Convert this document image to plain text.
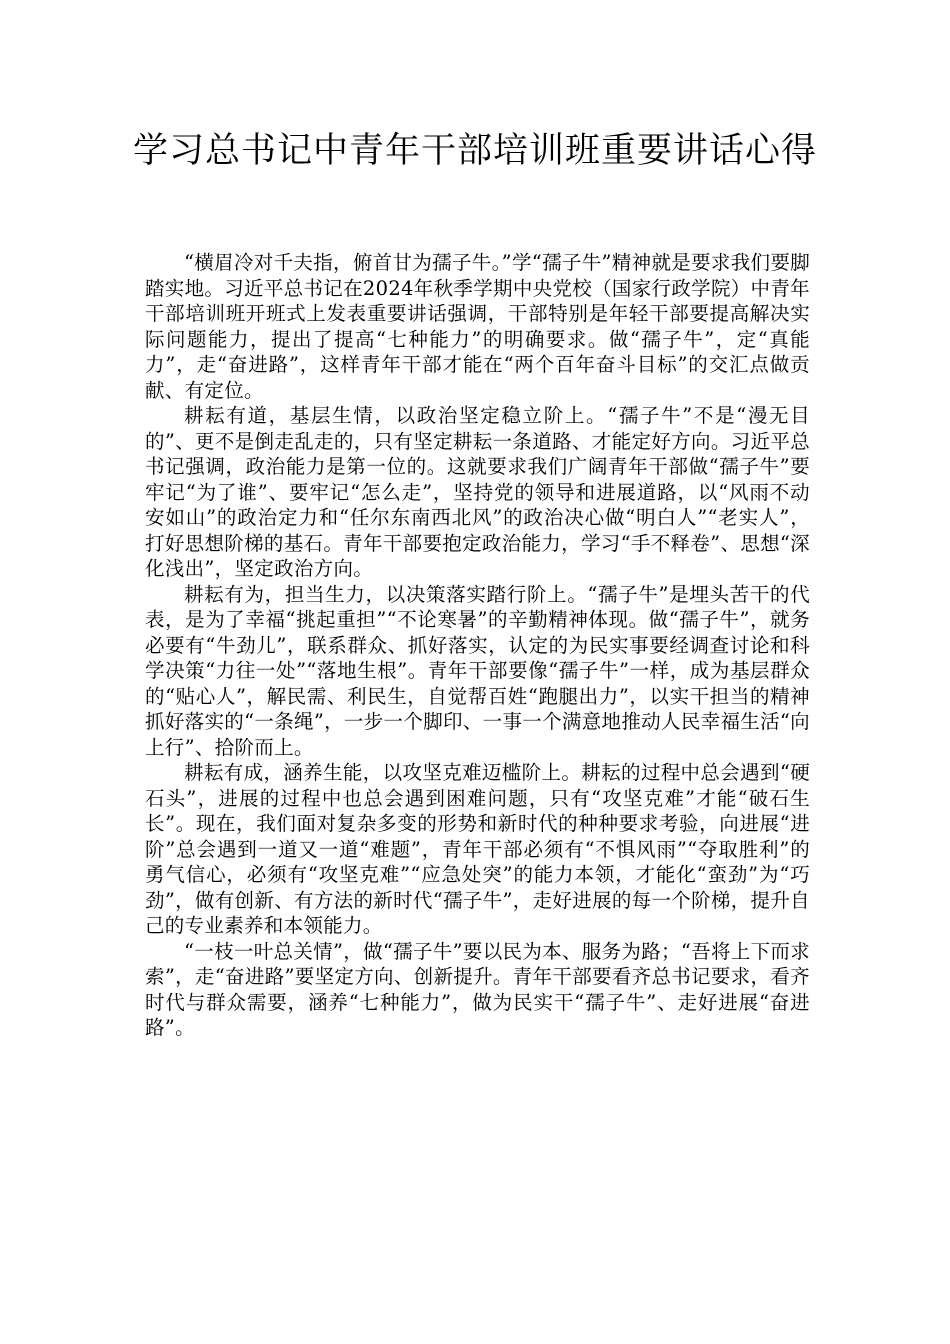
学习总书记中青年干部培训班重要讲话心得

“横眉冷对千夫指，俯首甘为孺子牛。”学“孺子牛”精神就是要求我们要脚踏实地。习近平总书记在2024年秋季学期中央党校（国家行政学院）中青年干部培训班开班式上发表重要讲话强调，干部特别是年轻干部要提高解决实际问题能力，提出了提高“七种能力”的明确要求。做“孺子牛”，定“真能力”，走“奋进路”，这样青年干部才能在“两个百年奋斗目标”的交汇点做贡献、有定位。

耕耘有道，基层生情，以政治坚定稳立阶上。“孺子牛”不是“漫无目的”、更不是倒走乱走的，只有坚定耕耘一条道路、才能定好方向。习近平总书记强调，政治能力是第一位的。这就要求我们广阔青年干部做“孺子牛”要牢记“为了谁”、要牢记“怎么走”，坚持党的领导和进展道路，以“风雨不动安如山”的政治定力和“任尔东南西北风”的政治决心做“明白人”“老实人”，打好思想阶梯的基石。青年干部要抱定政治能力，学习“手不释卷”、思想“深化浅出”，坚定政治方向。

耕耘有为，担当生力，以决策落实踏行阶上。“孺子牛”是埋头苦干的代表，是为了幸福“挑起重担”“不论寒暑”的辛勤精神体现。做“孺子牛”，就务必要有“牛劲儿”，联系群众、抓好落实，认定的为民实事要经调查讨论和科学决策“力往一处”“落地生根”。青年干部要像“孺子牛”一样，成为基层群众的“贴心人”，解民需、利民生，自觉帮百姓“跑腿出力”，以实干担当的精神抓好落实的“一条绳”，一步一个脚印、一事一个满意地推动人民幸福生活“向上行”、拾阶而上。

耕耘有成，涵养生能，以攻坚克难迈槛阶上。耕耘的过程中总会遇到“硬石头”，进展的过程中也总会遇到困难问题，只有“攻坚克难”才能“破石生长”。现在，我们面对复杂多变的形势和新时代的种种要求考验，向进展“进阶”总会遇到一道又一道“难题”，青年干部必须有“不惧风雨”“夺取胜利”的勇气信心，必须有“攻坚克难”“应急处突”的能力本领，才能化“蛮劲”为“巧劲”，做有创新、有方法的新时代“孺子牛”，走好进展的每一个阶梯，提升自己的专业素养和本领能力。

“一枝一叶总关情”，做“孺子牛”要以民为本、服务为路；“吾将上下而求索”，走“奋进路”要坚定方向、创新提升。青年干部要看齐总书记要求，看齐时代与群众需要，涵养“七种能力”，做为民实干“孺子牛”、走好进展“奋进路”。
